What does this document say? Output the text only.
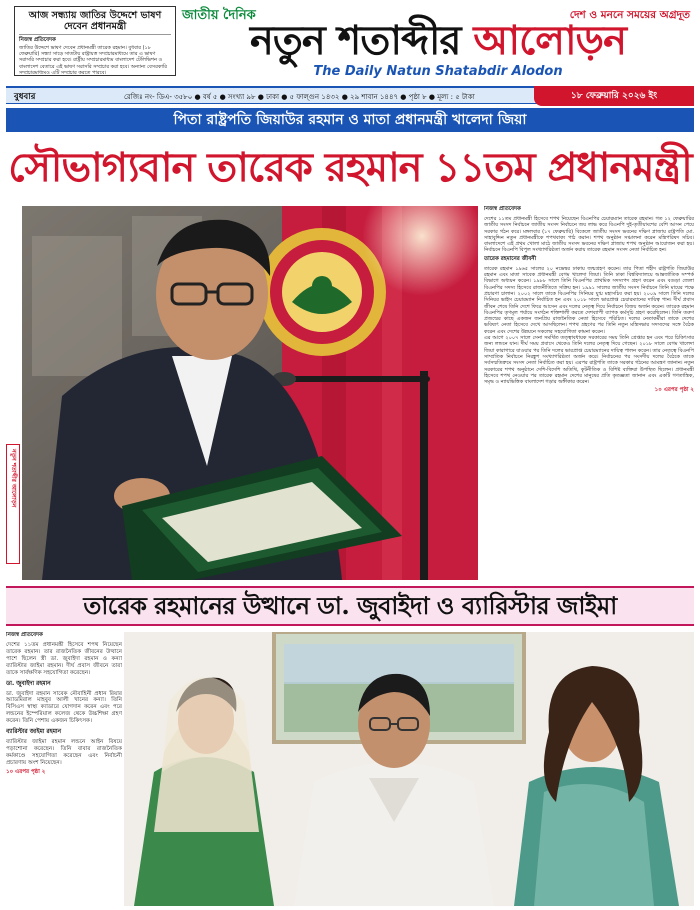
আজ সন্ধ্যায় জাতির উদ্দেশে ভাষণ দেবেন প্রধানমন্ত্রী
নিজস্ব প্রতিবেদক
জাতির উদ্দেশে ভাষণ দেবেন প্রধানমন্ত্রী তারেক রহমান। বুধবার (১৮ ফেব্রুয়ারি) সন্ধ্যা সাড়ে সাতটায় রাষ্ট্রায়ত্ত সম্প্রচারমাধ্যমে তার এ ভাষণ সরাসরি সম্প্রচার করা হবে। রাষ্ট্রীয় সম্প্রচারমাধ্যম বাংলাদেশ টেলিভিশন ও বাংলাদেশ বেতারে এই ভাষণ সরাসরি সম্প্রচার করা হবে। অন্যান্য বেসরকারি সম্প্রচারমাধ্যমও এটি সম্প্রচার করতে পারবে।
জাতীয় দৈনিক	দেশ ও মননে সময়ের অগ্রদূত
নতুন শতাব্দীর আলোড়ন
The Daily Natun Shatabdir Alodon
বুধবার	রেজিঃ নং- ডিএ- ৩৫৮০ ● বর্ষ ৫ ● সংখ্যা ৯৮ ● ঢাকা ● ৫ ফাল্গুন ১৪৩২ ● ২৯ শাবান ১৪৪৭ ● পৃষ্ঠা ৮ ● মূল্য : ৫ টাকা	১৮ ফেব্রুয়ারি ২০২৬ ইং
পিতা রাষ্ট্রপতি জিয়াউর রহমান ও মাতা প্রধানমন্ত্রী খালেদা জিয়া
সৌভাগ্যবান তারেক রহমান ১১তম প্রধানমন্ত্রী
নতুন শতাব্দীর আলোড়ন
নিজস্ব প্রতিবেদক
দেশের ১১তম প্রধানমন্ত্রী হিসেবে শপথ নিয়েছেন বিএনপির চেয়ারম্যান তারেক রহমান। গত ১২ ফেব্রুয়ারির জাতীয় সংসদ নির্বাচনে জাতীয় সংসদ নির্বাচনে জয় লাভ করে বিএনপি দুই-তৃতীয়াংশের বেশি আসন পেয়ে সরকার গঠন করে। মঙ্গলবার (১৭ ফেব্রুয়ারি) বিকেলে জাতীয় সংসদ ভবনের দক্ষিণ প্লাজায় রাষ্ট্রপতি মো. সাহাবুদ্দিন নতুন প্রধানমন্ত্রীকে শপথবাক্য পাঠ করান। শপথ অনুষ্ঠান সঞ্চালনা করেন মন্ত্রিপরিষদ সচিব। বাংলাদেশে এই প্রথম খোলা মাঠে জাতীয় সংসদ ভবনের দক্ষিণ প্লাজায় শপথ অনুষ্ঠান আয়োজন করা হয়। নির্বাচনে বিএনপি বিপুল সংখ্যাগরিষ্ঠতা অর্জন করায় তারেক রহমান সংসদ নেতা নির্বাচিত হন।
তারেক রহমানের জীবনী
তারেক রহমান ১৯৬৫ সালের ২০ নভেম্বর ঢাকায় জন্মগ্রহণ করেন। তার পিতা শহীদ রাষ্ট্রপতি জিয়াউর রহমান এবং মাতা সাবেক প্রধানমন্ত্রী বেগম খালেদা জিয়া। তিনি ঢাকা বিশ্ববিদ্যালয়ে আন্তর্জাতিক সম্পর্ক বিভাগে অধ্যয়ন করেন। ১৯৮৮ সালে তিনি বিএনপির প্রাথমিক সদস্যপদ গ্রহণ করেন এবং বগুড়া জেলা বিএনপির সদস্য হিসেবে রাজনীতিতে সক্রিয় হন। ১৯৯১ সালের জাতীয় সংসদ নির্বাচনে তিনি মায়ের পক্ষে প্রচারণা চালান। ২০০২ সালে তাকে বিএনপির সিনিয়র যুগ্ম মহাসচিব করা হয়। ২০০৯ সালে তিনি দলের সিনিয়র ভাইস চেয়ারম্যান নির্বাচিত হন এবং ২০১৮ সালে ভারপ্রাপ্ত চেয়ারম্যানের দায়িত্ব পান। দীর্ঘ প্রবাস জীবন শেষে তিনি দেশে ফিরে আসেন এবং দলের নেতৃত্ব দিয়ে নির্বাচনে বিজয় অর্জন করেন। তারেক রহমান বিএনপির তৃণমূল পর্যায়ে সংগঠন শক্তিশালী করতে দেশব্যাপী ব্যাপক কর্মসূচি গ্রহণ করেছিলেন। তিনি তরুণ প্রজন্মের কাছে একজন জনপ্রিয় রাজনৈতিক নেতা হিসেবে পরিচিত। দলের নেতাকর্মীরা তাকে দেশের ভবিষ্যৎ নেতা হিসেবে দেখে আসছিলেন। শপথ গ্রহণের পর তিনি নতুন মন্ত্রিসভার সদস্যদের সঙ্গে বৈঠক করেন এবং দেশের উন্নয়নে সকলের সহযোগিতা কামনা করেন।
এর আগে ২০০৭ সালে সেনা সমর্থিত তত্ত্বাবধায়ক সরকারের সময় তিনি গ্রেপ্তার হন এবং পরে চিকিৎসার জন্য লন্ডনে যান। দীর্ঘ সময় প্রবাসে থেকেও তিনি দলের নেতৃত্ব দিয়ে গেছেন। ২০১৮ সালে বেগম খালেদা জিয়া কারাগারে যাওয়ার পর তিনি দলের ভারপ্রাপ্ত চেয়ারম্যানের দায়িত্ব পালন করেন। তার নেতৃত্বে বিএনপি সাম্প্রতিক নির্বাচনে নিরঙ্কুশ সংখ্যাগরিষ্ঠতা অর্জন করে। নির্বাচনের পর সংসদীয় দলের বৈঠকে তাকে সর্বসম্মতিক্রমে সংসদ নেতা নির্বাচিত করা হয়। এরপর রাষ্ট্রপতি তাকে সরকার গঠনের আমন্ত্রণ জানান। নতুন সরকারের শপথ অনুষ্ঠানে দেশি-বিদেশি অতিথি, কূটনীতিক ও বিশিষ্ট ব্যক্তিরা উপস্থিত ছিলেন। প্রধানমন্ত্রী হিসেবে শপথ নেওয়ার পর তারেক রহমান দেশের মানুষের প্রতি কৃতজ্ঞতা জানান এবং একটি গণতান্ত্রিক, সমৃদ্ধ ও ন্যায়ভিত্তিক বাংলাদেশ গড়ার অঙ্গীকার করেন।
১০ এরপর পৃষ্ঠা ২
তারেক রহমানের উত্থানে ডা. জুবাইদা ও ব্যারিস্টার জাইমা
নিজস্ব প্রতিবেদক
দেশের ১১তম প্রধানমন্ত্রী হিসেবে শপথ নিয়েছেন তারেক রহমান। তার রাজনৈতিক জীবনের উত্থানে পাশে ছিলেন স্ত্রী ডা. জুবাইদা রহমান ও কন্যা ব্যারিস্টার জাইমা রহমান। দীর্ঘ প্রবাস জীবনে তারা তাকে সার্বক্ষণিক সহযোগিতা করেছেন।
ডা. জুবাইদা রহমান
ডা. জুবাইদা রহমান সাবেক নৌবাহিনী প্রধান রিয়ার অ্যাডমিরাল মাহবুব আলী খানের কন্যা। তিনি বিসিএস স্বাস্থ্য ক্যাডারে যোগদান করেন এবং পরে লন্ডনের ইম্পেরিয়াল কলেজ থেকে উচ্চশিক্ষা গ্রহণ করেন। তিনি পেশায় একজন চিকিৎসক।
ব্যারিস্টার জাইমা রহমান
ব্যারিস্টার জাইমা রহমান লন্ডনে আইন বিষয়ে পড়াশোনা করেছেন। তিনি বাবার রাজনৈতিক কর্মকাণ্ডে সহযোগিতা করেছেন এবং নির্বাচনী প্রচারণায় অংশ নিয়েছেন।
১০ এরপর পৃষ্ঠা ২
